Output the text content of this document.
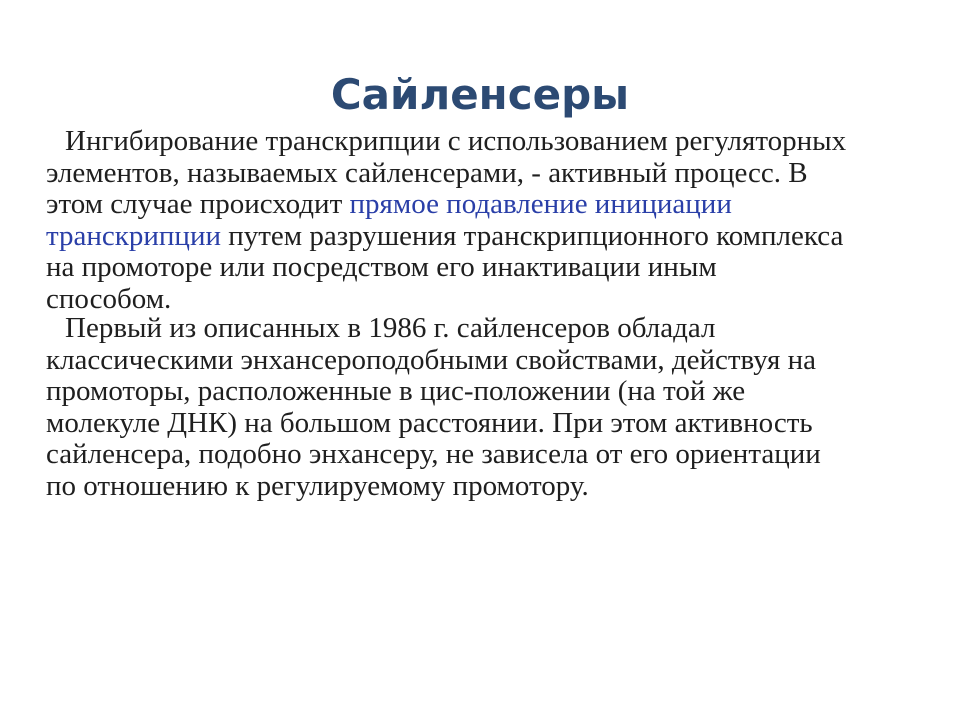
Сайленсеры
Ингибирование транскрипции с использованием регуляторных
элементов, называемых сайленсерами, - активный процесс. В
этом случае происходит прямое подавление инициации
транскрипции путем разрушения транскрипционного комплекса
на промоторе или посредством его инактивации иным
способом.
Первый из описанных в 1986 г. сайленсеров обладал
классическими энхансероподобными свойствами, действуя на
промоторы, расположенные в цис-положении (на той же
молекуле ДНК) на большом расстоянии. При этом активность
сайленсера, подобно энхансеру, не зависела от его ориентации
по отношению к регулируемому промотору.
